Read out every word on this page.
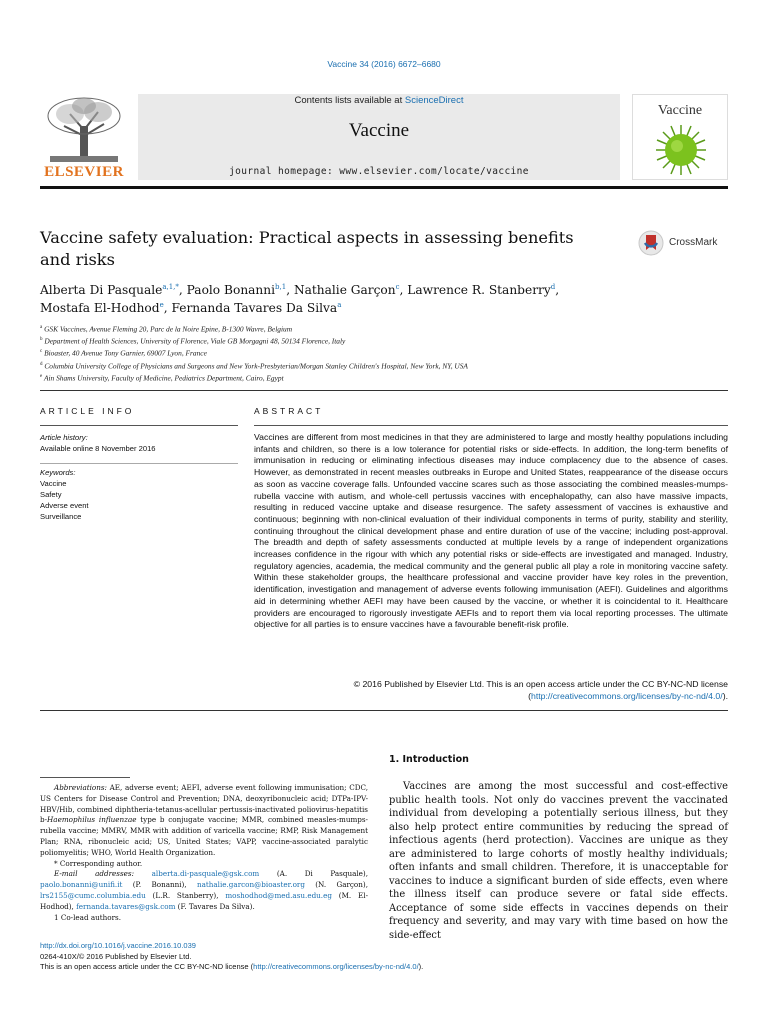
Vaccine 34 (2016) 6672–6680
ELSEVIER
Contents lists available at ScienceDirect
Vaccine
journal homepage: www.elsevier.com/locate/vaccine
Vaccine
Vaccine safety evaluation: Practical aspects in assessing benefits and risks
CrossMark
Alberta Di Pasquale$^{a,1,*}$, Paolo Bonanni$^{b,1}$, Nathalie Garçon$^c$, Lawrence R. Stanberry$^d$,
Mostafa El-Hodhod$^e$, Fernanda Tavares Da Silva$^a$
$^a$ GSK Vaccines, Avenue Fleming 20, Parc de la Noire Epine, B-1300 Wavre, Belgium
$^b$ Department of Health Sciences, University of Florence, Viale GB Morgagni 48, 50134 Florence, Italy
$^c$ Bioaster, 40 Avenue Tony Garnier, 69007 Lyon, France
$^d$ Columbia University College of Physicians and Surgeons and New York-Presbyterian/Morgan Stanley Children's Hospital, New York, NY, USA
$^e$ Ain Shams University, Faculty of Medicine, Pediatrics Department, Cairo, Egypt
ARTICLE INFO	ABSTRACT
Article history:
Available online 8 November 2016
Keywords:
Vaccine
Safety
Adverse event
Surveillance
Vaccines are different from most medicines in that they are administered to large and mostly healthy populations including infants and children, so there is a low tolerance for potential risks or side-effects. In addition, the long-term benefits of immunisation in reducing or eliminating infectious diseases may induce complacency due to the absence of cases. However, as demonstrated in recent measles outbreaks in Europe and United States, reappearance of the disease occurs as soon as vaccine coverage falls. Unfounded vaccine scares such as those associating the combined measles-mumps-rubella vaccine with autism, and whole-cell pertussis vaccines with encephalopathy, can also have massive impacts, resulting in reduced vaccine uptake and disease resurgence. The safety assessment of vaccines is exhaustive and continuous; beginning with non-clinical evaluation of their individual components in terms of purity, stability and sterility, continuing throughout the clinical development phase and entire duration of use of the vaccine; including post-approval. The breadth and depth of safety assessments conducted at multiple levels by a range of independent organizations increases confidence in the rigour with which any potential risks or side-effects are investigated and managed. Industry, regulatory agencies, academia, the medical community and the general public all play a role in monitoring vaccine safety. Within these stakeholder groups, the healthcare professional and vaccine provider have key roles in the prevention, identification, investigation and management of adverse events following immunisation (AEFI). Guidelines and algorithms aid in determining whether AEFI may have been caused by the vaccine, or whether it is coincidental to it. Healthcare providers are encouraged to rigorously investigate AEFIs and to report them via local reporting processes. The ultimate objective for all parties is to ensure vaccines have a favourable benefit-risk profile.
© 2016 Published by Elsevier Ltd. This is an open access article under the CC BY-NC-ND license (http://creativecommons.org/licenses/by-nc-nd/4.0/).
1. Introduction
Vaccines are among the most successful and cost-effective public health tools. Not only do vaccines prevent the vaccinated individual from developing a potentially serious illness, but they also help protect entire communities by reducing the spread of infectious agents (herd protection). Vaccines are unique as they are administered to large cohorts of mostly healthy individuals; often infants and small children. Therefore, it is unacceptable for vaccines to induce a significant burden of side effects, even where the illness itself can produce severe or fatal side effects. Acceptance of some side effects in vaccines depends on their frequency and severity, and may vary with time based on how the side-effect

Abbreviations: AE, adverse event; AEFI, adverse event following immunisation; CDC, US Centers for Disease Control and Prevention; DNA, deoxyribonucleic acid; DTPa-IPV-HBV/Hib, combined diphtheria-tetanus-acellular pertussis-inactivated poliovirus-hepatitis b-Haemophilus influenzae type b conjugate vaccine; MMR, combined measles-mumps-rubella vaccine; MMRV, MMR with addition of varicella vaccine; RMP, Risk Management Plan; RNA, ribonucleic acid; US, United States; VAPP, vaccine-associated paralytic poliomyelitis; WHO, World Health Organization.

* Corresponding author.

E-mail addresses: alberta.di-pasquale@gsk.com (A. Di Pasquale), paolo.bonanni@unifi.it (P. Bonanni), nathalie.garcon@bioaster.org (N. Garçon), lrs2155@cumc.columbia.edu (L.R. Stanberry), moshodhod@med.asu.edu.eg (M. El-Hodhod), fernanda.tavares@gsk.com (F. Tavares Da Silva).

1 Co-lead authors.

http://dx.doi.org/10.1016/j.vaccine.2016.10.039
0264-410X/© 2016 Published by Elsevier Ltd.
This is an open access article under the CC BY-NC-ND license (http://creativecommons.org/licenses/by-nc-nd/4.0/).
